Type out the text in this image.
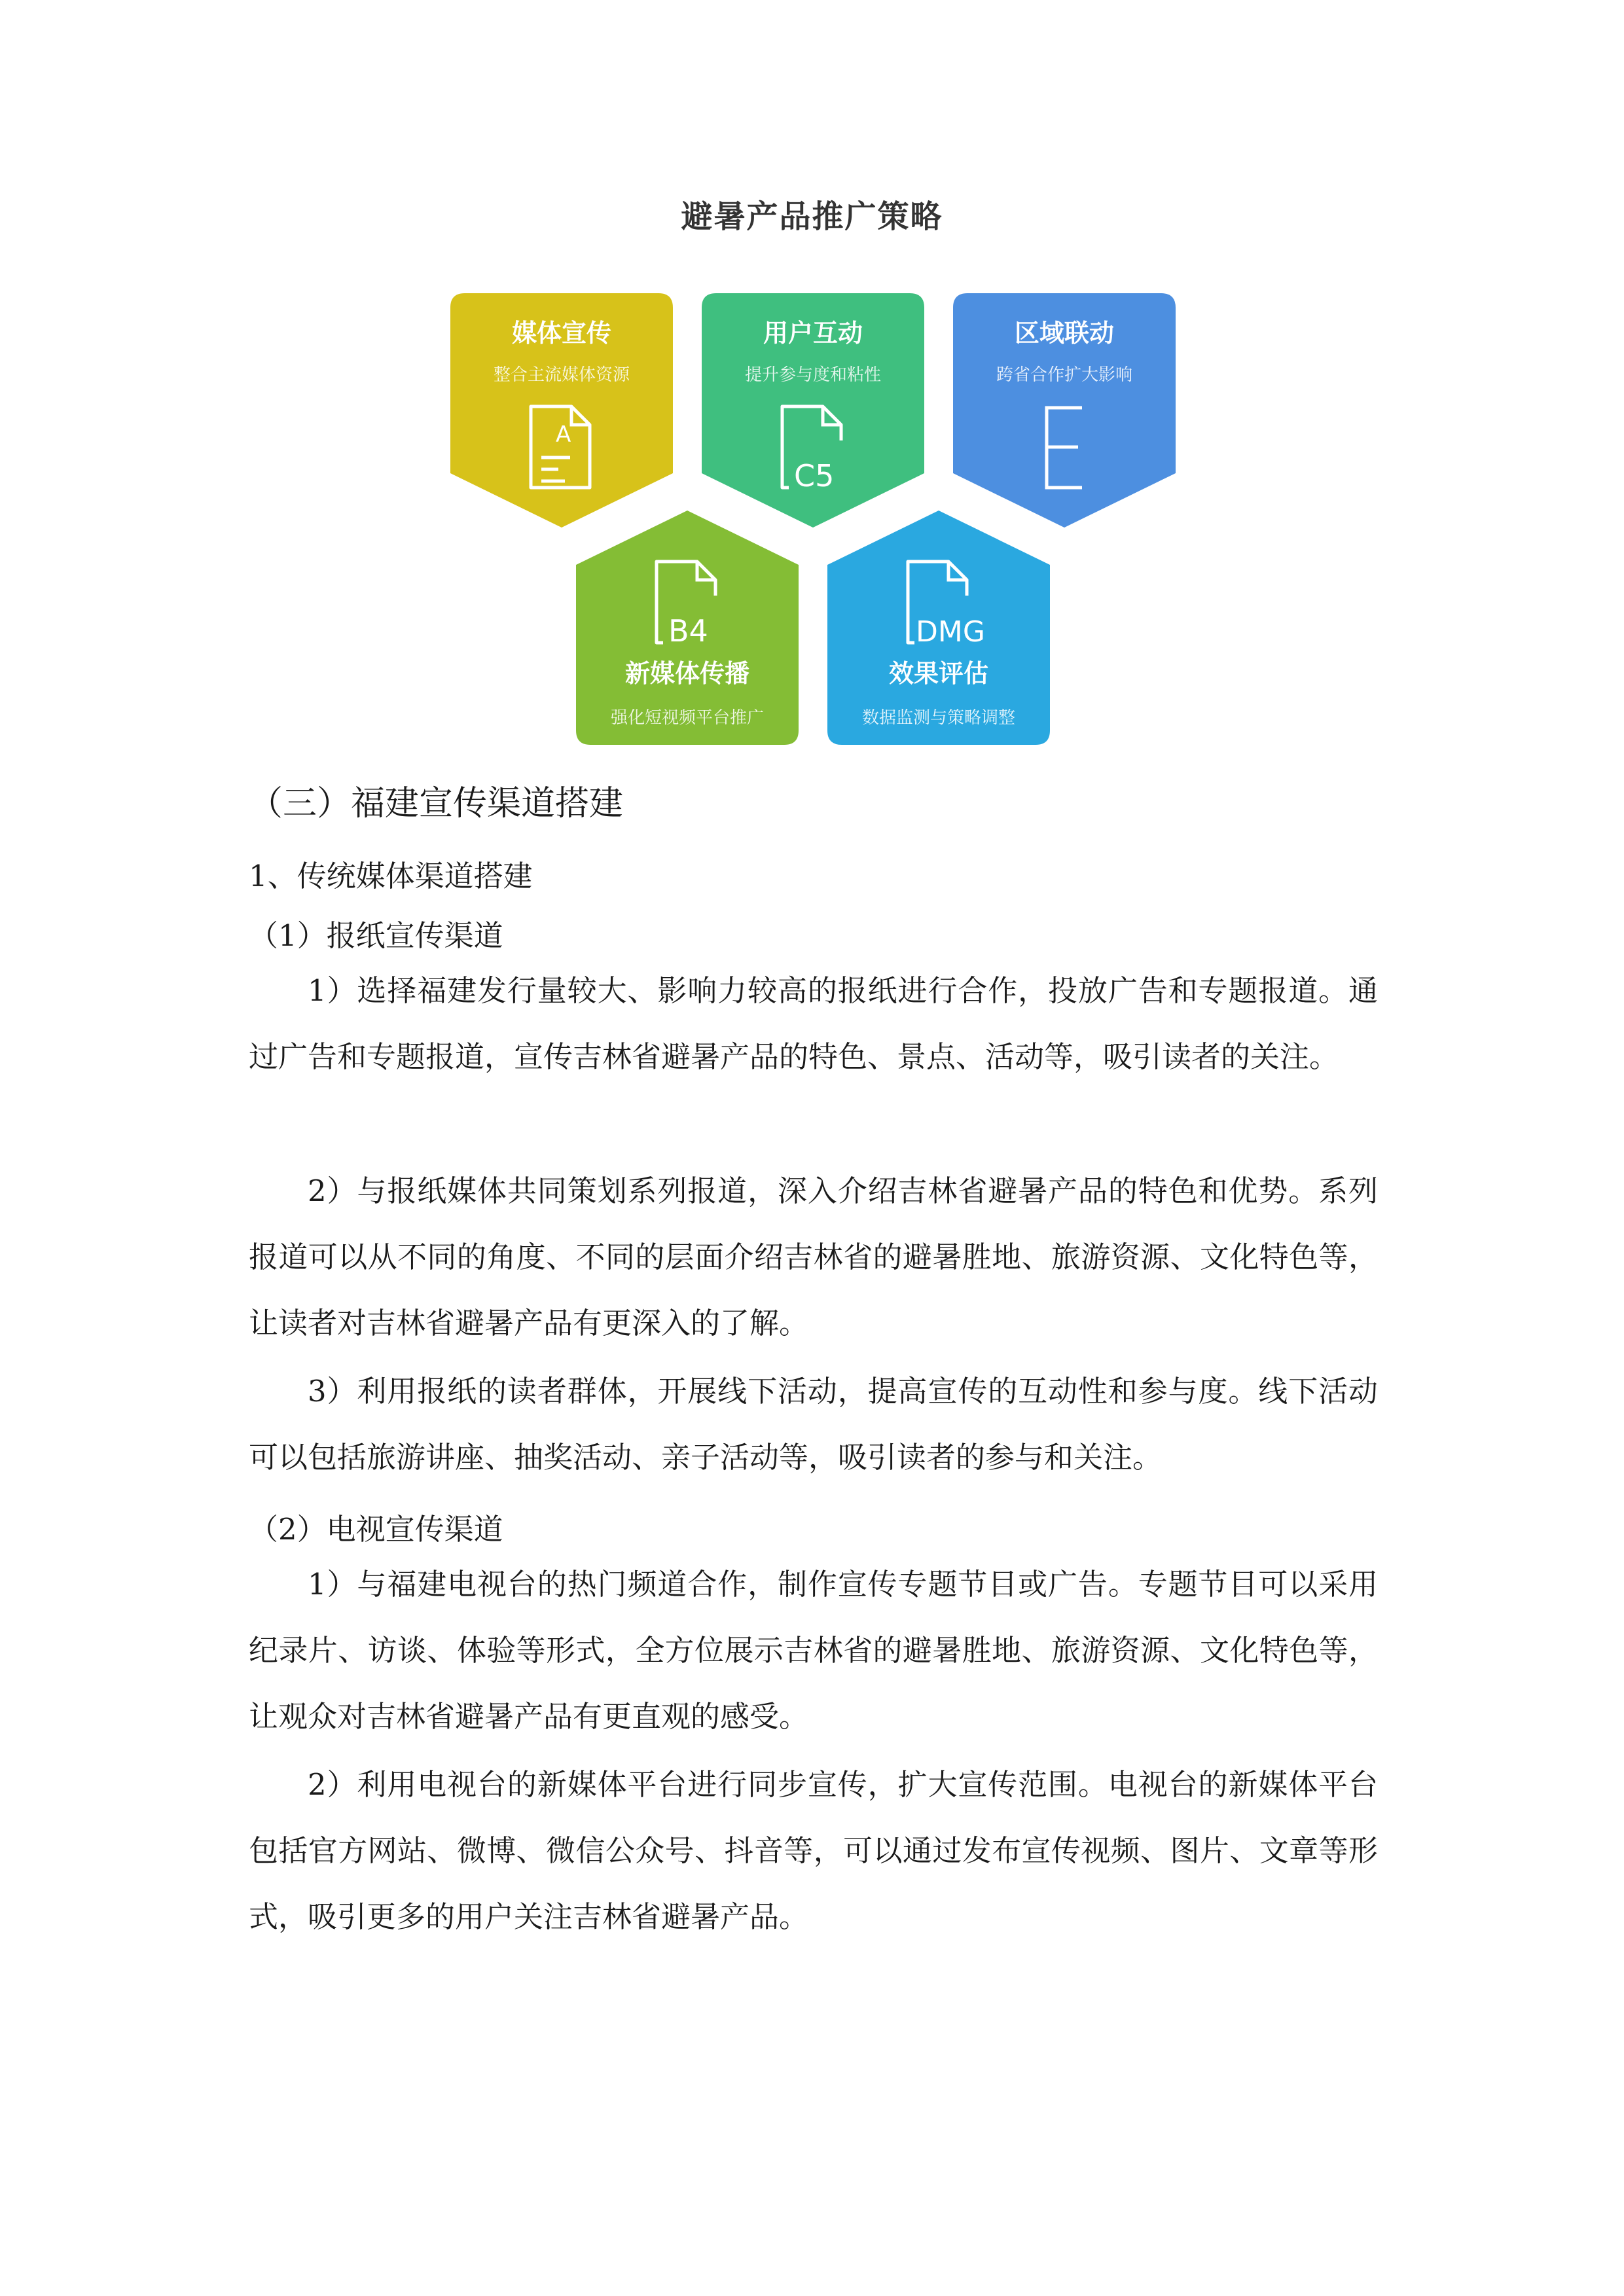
避暑产品推广策略
媒体宣传
整合主流媒体资源
A
用户互动
提升参与度和粘性
C5
区域联动
跨省合作扩大影响
B4
新媒体传播
强化短视频平台推广
DMG
效果评估
数据监测与策略调整
（三）福建宣传渠道搭建
1、传统媒体渠道搭建
（1）报纸宣传渠道
1）选择福建发行量较大、影响力较高的报纸进行合作，投放广告和专题报道。通过广告和专题报道，宣传吉林省避暑产品的特色、景点、活动等，吸引读者的关注。
2）与报纸媒体共同策划系列报道，深入介绍吉林省避暑产品的特色和优势。系列报道可以从不同的角度、不同的层面介绍吉林省的避暑胜地、旅游资源、文化特色等，让读者对吉林省避暑产品有更深入的了解。
3）利用报纸的读者群体，开展线下活动，提高宣传的互动性和参与度。线下活动可以包括旅游讲座、抽奖活动、亲子活动等，吸引读者的参与和关注。
（2）电视宣传渠道
1）与福建电视台的热门频道合作，制作宣传专题节目或广告。专题节目可以采用纪录片、访谈、体验等形式，全方位展示吉林省的避暑胜地、旅游资源、文化特色等，让观众对吉林省避暑产品有更直观的感受。
2）利用电视台的新媒体平台进行同步宣传，扩大宣传范围。电视台的新媒体平台包括官方网站、微博、微信公众号、抖音等，可以通过发布宣传视频、图片、文章等形式，吸引更多的用户关注吉林省避暑产品。
